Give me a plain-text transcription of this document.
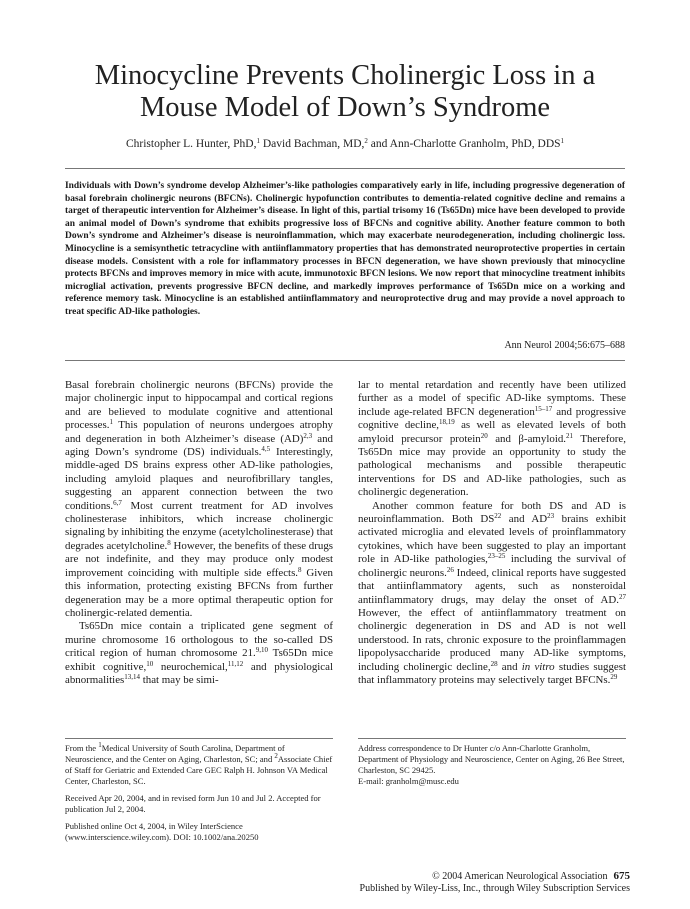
Minocycline Prevents Cholinergic Loss in a
Mouse Model of Down’s Syndrome
Christopher L. Hunter, PhD,$^1$ David Bachman, MD,$^2$ and Ann-Charlotte Granholm, PhD, DDS$^1$
Individuals with Down’s syndrome develop Alzheimer’s-like pathologies comparatively early in life, including progressive degeneration of basal forebrain cholinergic neurons (BFCNs). Cholinergic hypofunction contributes to dementia-related cognitive decline and remains a target of therapeutic intervention for Alzheimer’s disease. In light of this, partial trisomy 16 (Ts65Dn) mice have been developed to provide an animal model of Down’s syndrome that exhibits progressive loss of BFCNs and cognitive ability. Another feature common to both Down’s syndrome and Alzheimer’s disease is neuroinflammation, which may exacerbate neurodegeneration, including cholinergic loss. Minocycline is a semisynthetic tetracycline with antiinflammatory properties that has demonstrated neuroprotective properties in certain disease models. Consistent with a role for inflammatory processes in BFCN degeneration, we have shown previously that minocycline protects BFCNs and improves memory in mice with acute, immunotoxic BFCN lesions. We now report that minocycline treatment inhibits microglial activation, prevents progressive BFCN decline, and markedly improves performance of Ts65Dn mice on a working and reference memory task. Minocycline is an established antiinflammatory and neuroprotective drug and may provide a novel approach to treat specific AD-like pathologies.
Ann Neurol 2004;56:675–688

Basal forebrain cholinergic neurons (BFCNs) provide the major cholinergic input to hippocampal and cortical regions and are believed to modulate cognitive and attentional processes.$^1$ This population of neurons undergoes atrophy and degeneration in both Alzheimer’s disease (AD)$^{2,3}$ and aging Down’s syndrome (DS) individuals.$^{4,5}$ Interestingly, middle-aged DS brains express other AD-like pathologies, including amyloid plaques and neurofibrillary tangles, suggesting an apparent connection between the two conditions.$^{6,7}$ Most current treatment for AD involves cholinesterase inhibitors, which increase cholinergic signaling by inhibiting the enzyme (acetylcholinesterase) that degrades acetylcholine.$^8$ However, the benefits of these drugs are not indefinite, and they may produce only modest improvement coinciding with multiple side effects.$^8$ Given this information, protecting existing BFCNs from further degeneration may be a more optimal therapeutic option for cholinergic-related dementia.

Ts65Dn mice contain a triplicated gene segment of murine chromosome 16 orthologous to the so-called DS critical region of human chromosome 21.$^{9,10}$ Ts65Dn mice exhibit cognitive,$^{10}$ neurochemical,$^{11,12}$ and physiological abnormalities$^{13,14}$ that may be simi-

lar to mental retardation and recently have been utilized further as a model of specific AD-like symptoms. These include age-related BFCN degeneration$^{15-17}$ and progressive cognitive decline,$^{18,19}$ as well as elevated levels of both amyloid precursor protein$^{20}$ and β-amyloid.$^{21}$ Therefore, Ts65Dn mice may provide an opportunity to study the pathological mechanisms and possible therapeutic interventions for DS and AD-like pathologies, such as cholinergic degeneration.

Another common feature for both DS and AD is neuroinflammation. Both DS$^{22}$ and AD$^{23}$ brains exhibit activated microglia and elevated levels of proinflammatory cytokines, which have been suggested to play an important role in AD-like pathologies,$^{23-25}$ including the survival of cholinergic neurons.$^{26}$ Indeed, clinical reports have suggested that antiinflammatory agents, such as nonsteroidal antiinflammatory drugs, may delay the onset of AD.$^{27}$ However, the effect of antiinflammatory treatment on cholinergic degeneration in DS and AD is not well understood. In rats, chronic exposure to the proinflammagen lipopolysaccharide produced many AD-like symptoms, including cholinergic decline,$^{28}$ and in vitro studies suggest that inflammatory proteins may selectively target BFCNs.$^{29}$

From the $^1$Medical University of South Carolina, Department of Neuroscience, and the Center on Aging, Charleston, SC; and $^2$Associate Chief of Staff for Geriatric and Extended Care GEC Ralph H. Johnson VA Medical Center, Charleston, SC.

Received Apr 20, 2004, and in revised form Jun 10 and Jul 2. Accepted for publication Jul 2, 2004.

Published online Oct 4, 2004, in Wiley InterScience (www.interscience.wiley.com). DOI: 10.1002/ana.20250

Address correspondence to Dr Hunter c/o Ann-Charlotte Granholm, Department of Physiology and Neuroscience, Center on Aging, 26 Bee Street, Charleston, SC 29425.

E-mail: granholm@musc.edu

© 2004 American Neurological Association 675
Published by Wiley-Liss, Inc., through Wiley Subscription Services
